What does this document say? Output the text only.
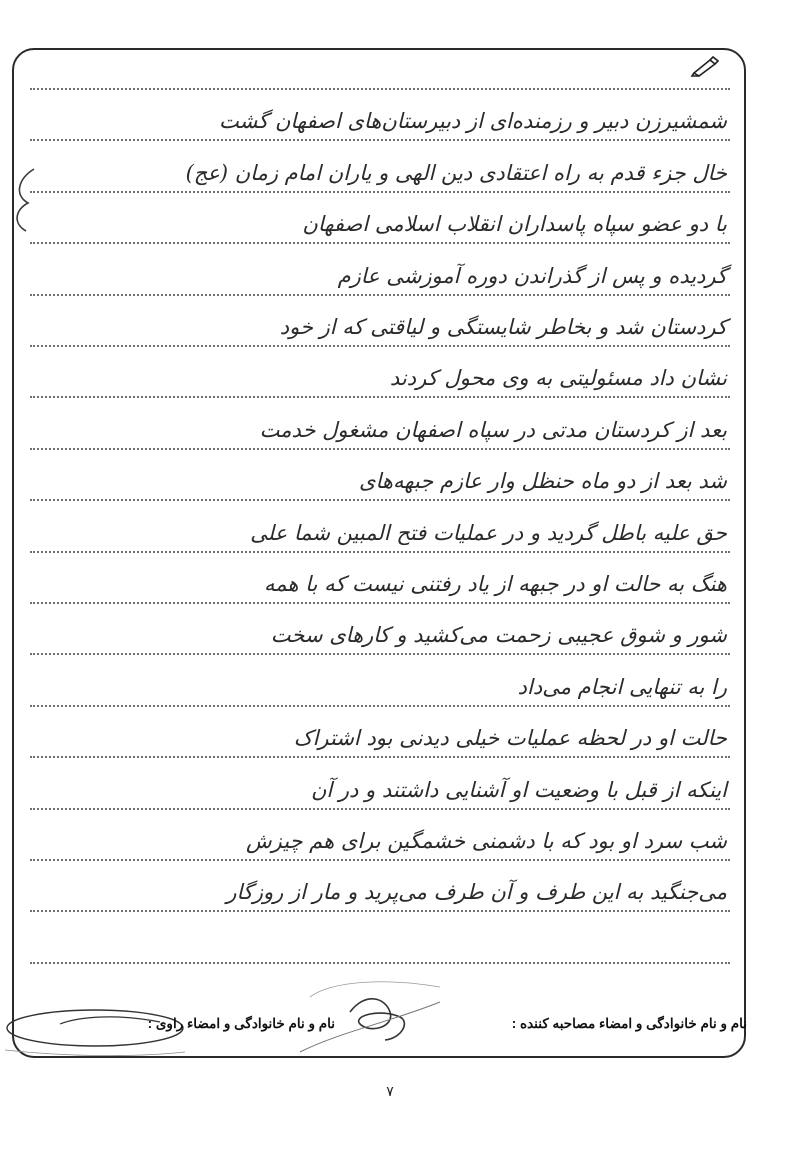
شمشیرزن دبیر و رزمنده‌ای از دبیرستان‌های اصفهان گشت
خال جزء قدم به راه اعتقادی دین الهی و یاران امام زمان (عج)
با دو عضو سپاه پاسداران انقلاب اسلامی اصفهان
گردیده و پس از گذراندن دوره آموزشی عازم
کردستان شد و بخاطر شایستگی و لیاقتی که از خود
نشان داد مسئولیتی به وی محول کردند
بعد از کردستان مدتی در سپاه اصفهان مشغول خدمت
شد بعد از دو ماه حنظل وار عازم جبهه‌های
حق علیه باطل گردید و در عملیات فتح المبین شما علی
هنگ به حالت او در جبهه از یاد رفتنی نیست که با همه
شور و شوق عجیبی زحمت می‌کشید و کارهای سخت
را به تنهایی انجام می‌داد
حالت او در لحظه عملیات خیلی دیدنی بود اشتراک
اینکه از قبل با وضعیت او آشنایی داشتند و در آن
شب سرد او بود که با دشمنی خشمگین برای هم چیزش
می‌جنگید به این طرف و آن طرف می‌پرید و مار از روزگار
نام و نام خانوادگی و امضاء مصاحبه کننده :
نام و نام خانوادگی و امضاء راوی :
۷
